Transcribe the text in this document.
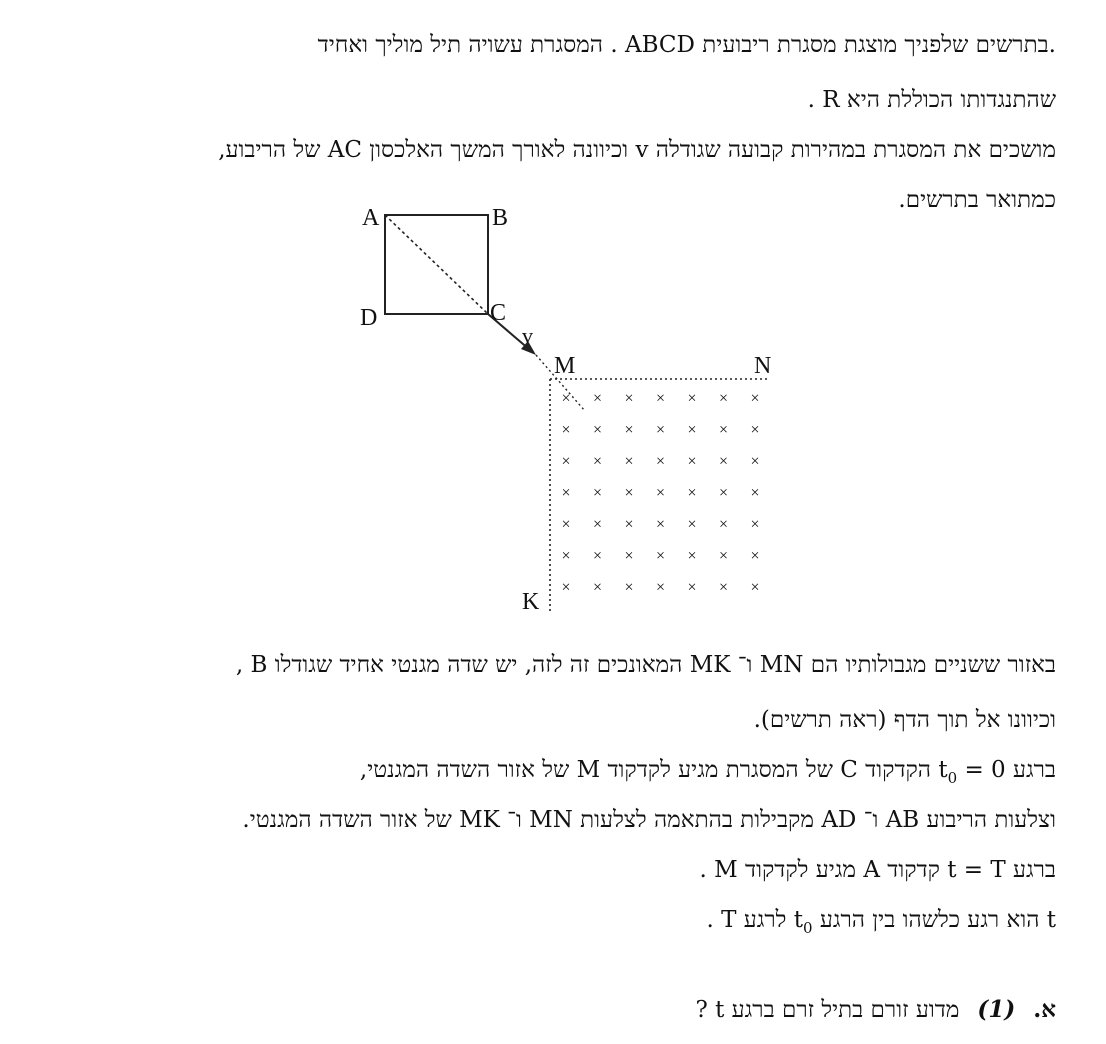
.בתרשים שלפניך מוצגת מסגרת ריבועית ABCD . המסגרת עשויה תיל מוליך ואחיד
שהתנגדותו הכוללת היא R .
מושכים את המסגרת במהירות קבועה שגודלה v וכיוונה לאורך המשך האלכסון AC של הריבוע,
כמתואר בתרשים.
A	B
C
D
v
M	N
K
× × × × × × ×
× × × × × × ×
× × × × × × ×
× × × × × × ×
× × × × × × ×
× × × × × × ×
× × × × × × ×
באזור ששניים מגבולותיו הם MN ו־ MK המאונכים זה לזה, יש שדה מגנטי אחיד שגודלו B ,
וכיוונו אל תוך הדף (ראה תרשים).
ברגע $t_0 = 0$ הקדקוד C של המסגרת מגיע לקדקוד M של אזור השדה המגנטי,
וצלעות הריבוע AB ו־ AD מקבילות בהתאמה לצלעות MN ו־ MK של אזור השדה המגנטי.
ברגע t = T קדקוד A מגיע לקדקוד M .
t הוא רגע כלשהו בין הרגע $t_0$ לרגע T .
א.(1)מדוע זורם בתיל זרם ברגע t ?
